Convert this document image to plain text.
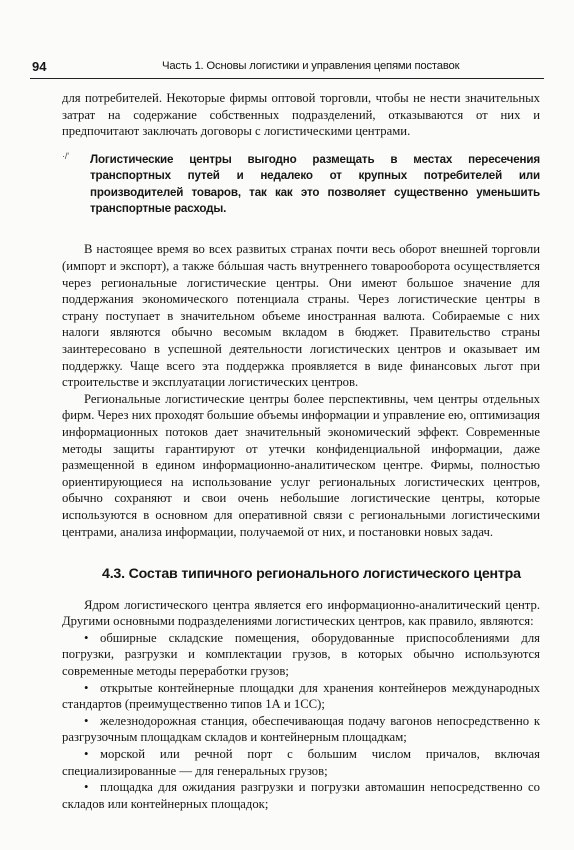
94	Часть 1. Основы логистики и управления цепями поставок

для потребителей. Некоторые фирмы оптовой торговли, чтобы не нести значительных затрат на содержание собственных подразделений, отказываются от них и предпочитают заключать договоры с логистическими центрами.

·/‘ Логистические центры выгодно размещать в местах пересечения транспортных путей и недалеко от крупных потребителей или производителей товаров, так как это позволяет существенно уменьшить транспортные расходы.

В настоящее время во всех развитых странах почти весь оборот внешней торговли (импорт и экспорт), а также бóльшая часть внутреннего товарооборота осуществляется через региональные логистические центры. Они имеют большое значение для поддержания экономического потенциала страны. Через логистические центры в страну поступает в значительном объеме иностранная валюта. Собираемые с них налоги являются обычно весомым вкладом в бюджет. Правительство страны заинтересовано в успешной деятельности логистических центров и оказывает им поддержку. Чаще всего эта поддержка проявляется в виде финансовых льгот при строительстве и эксплуатации логистических центров.

Региональные логистические центры более перспективны, чем центры отдельных фирм. Через них проходят большие объемы информации и управление ею, оптимизация информационных потоков дает значительный экономический эффект. Современные методы защиты гарантируют от утечки конфиденциальной информации, даже размещенной в едином информационно-аналитическом центре. Фирмы, полностью ориентирующиеся на использование услуг региональных логистических центров, обычно сохраняют и свои очень небольшие логистические центры, которые используются в основном для оперативной связи с региональными логистическими центрами, анализа информации, получаемой от них, и постановки новых задач.

4.3. Состав типичного регионального логистического центра

Ядром логистического центра является его информационно-аналитический центр. Другими основными подразделениями логистических центров, как правило, являются:

• обширные складские помещения, оборудованные приспособлениями для погрузки, разгрузки и комплектации грузов, в которых обычно используются современные методы переработки грузов;

• открытые контейнерные площадки для хранения контейнеров международных стандартов (преимущественно типов 1А и 1СС);

• железнодорожная станция, обеспечивающая подачу вагонов непосредственно к разгрузочным площадкам складов и контейнерным площадкам;

• морской или речной порт с большим числом причалов, включая специализированные — для генеральных грузов;

• площадка для ожидания разгрузки и погрузки автомашин непосредственно со складов или контейнерных площадок;
